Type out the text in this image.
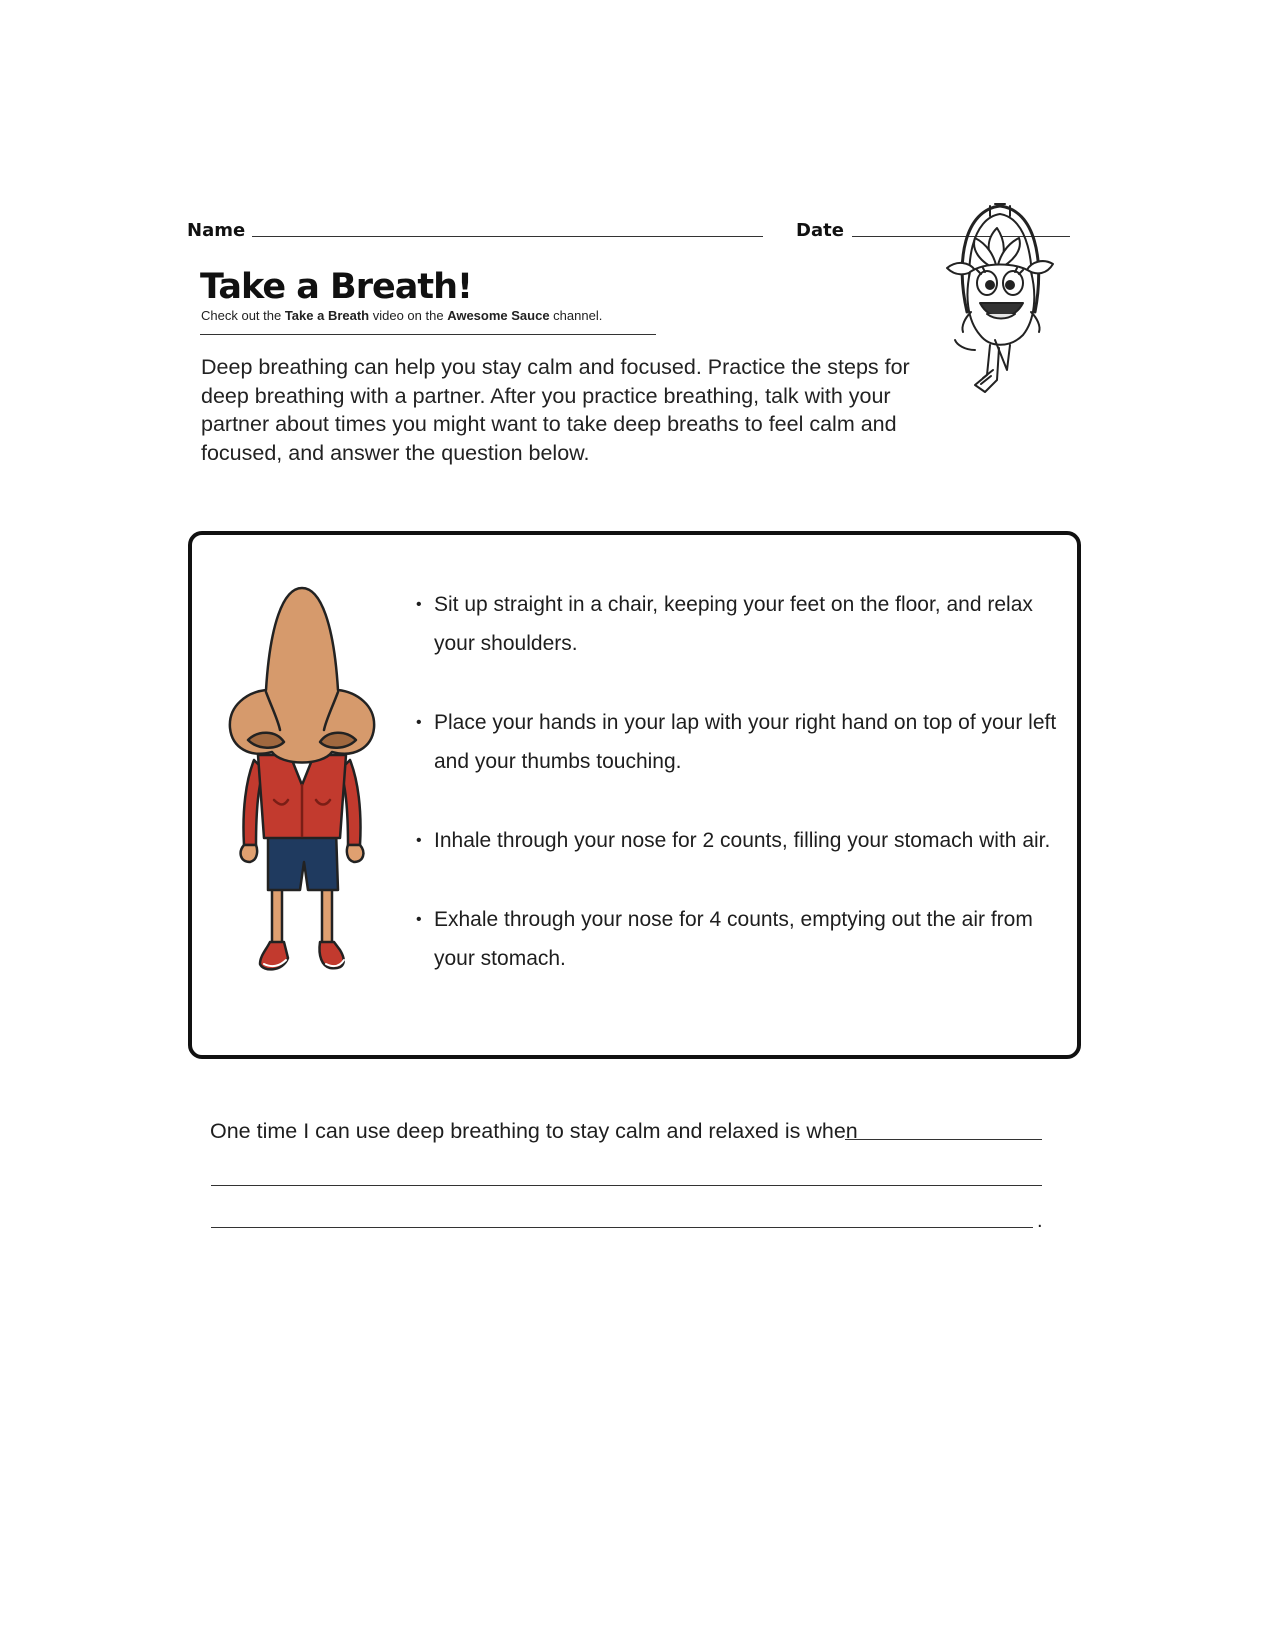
Name	Date
Take a Breath!
Check out the Take a Breath video on the Awesome Sauce channel.
Deep breathing can help you stay calm and focused. Practice the steps for deep breathing with a partner. After you practice breathing, talk with your partner about times you might want to take deep breaths to feel calm and focused, and answer the question below.
• Sit up straight in a chair, keeping your feet on the floor, and relax your shoulders.
• Place your hands in your lap with your right hand on top of your left and your thumbs touching.
• Inhale through your nose for 2 counts, filling your stomach with air.
• Exhale through your nose for 4 counts, emptying out the air from your stomach.
One time I can use deep breathing to stay calm and relaxed is when
.
